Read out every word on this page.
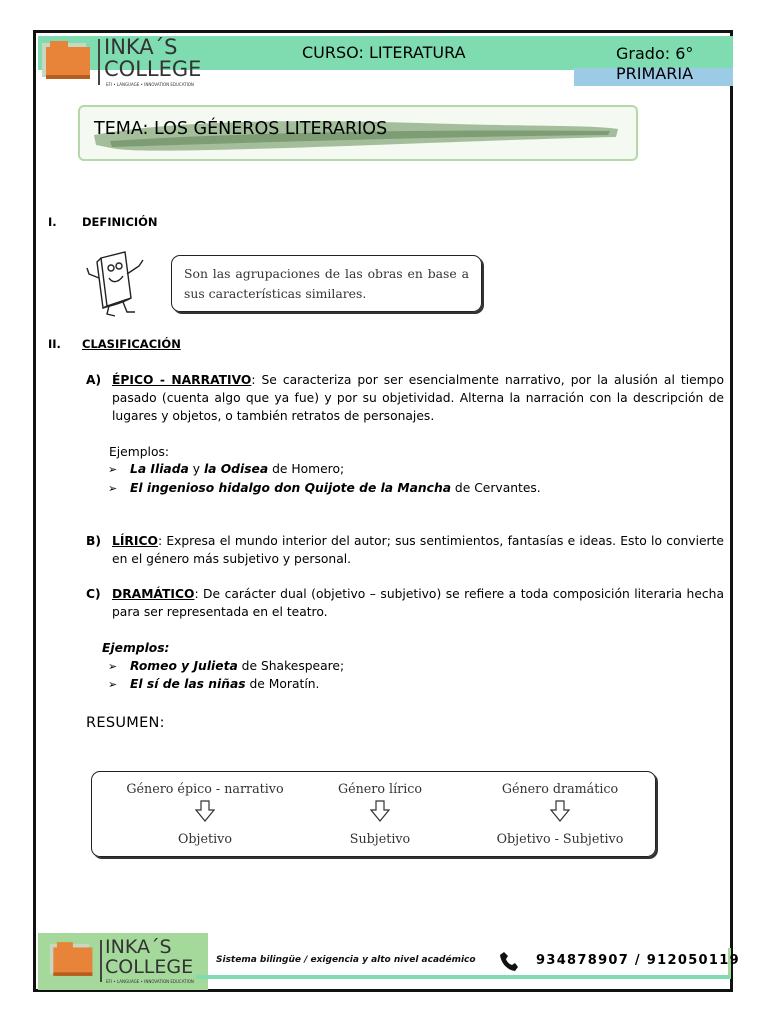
INKA´S
COLLEGE
EFI • LANGUAGE • INNOVATION EDUCATION
CURSO: LITERATURA	Grado: 6°
PRIMARIA
TEMA: LOS GÉNEROS LITERARIOS
I. DEFINICIÓN
Son las agrupaciones de las obras en base a sus características similares.
II. CLASIFICACIÓN
A) ÉPICO - NARRATIVO: Se caracteriza por ser esencialmente narrativo, por la alusión al tiempo pasado (cuenta algo que ya fue) y por su objetividad. Alterna la narración con la descripción de lugares y objetos, o también retratos de personajes.
Ejemplos:
➢ La Iliada y la Odisea de Homero;
➢ El ingenioso hidalgo don Quijote de la Mancha de Cervantes.
B) LÍRICO: Expresa el mundo interior del autor; sus sentimientos, fantasías e ideas. Esto lo convierte en el género más subjetivo y personal.
C) DRAMÁTICO: De carácter dual (objetivo – subjetivo) se refiere a toda composición literaria hecha para ser representada en el teatro.
Ejemplos:
➢ Romeo y Julieta de Shakespeare;
➢ El sí de las niñas de Moratín.
RESUMEN:
Género épico - narrativo
Objetivo
Género lírico
Subjetivo
Género dramático
Objetivo - Subjetivo
INKA´S
COLLEGE
EFI • LANGUAGE • INNOVATION EDUCATION
Sistema bilingüe / exigencia y alto nivel académico	934878907 / 912050119
